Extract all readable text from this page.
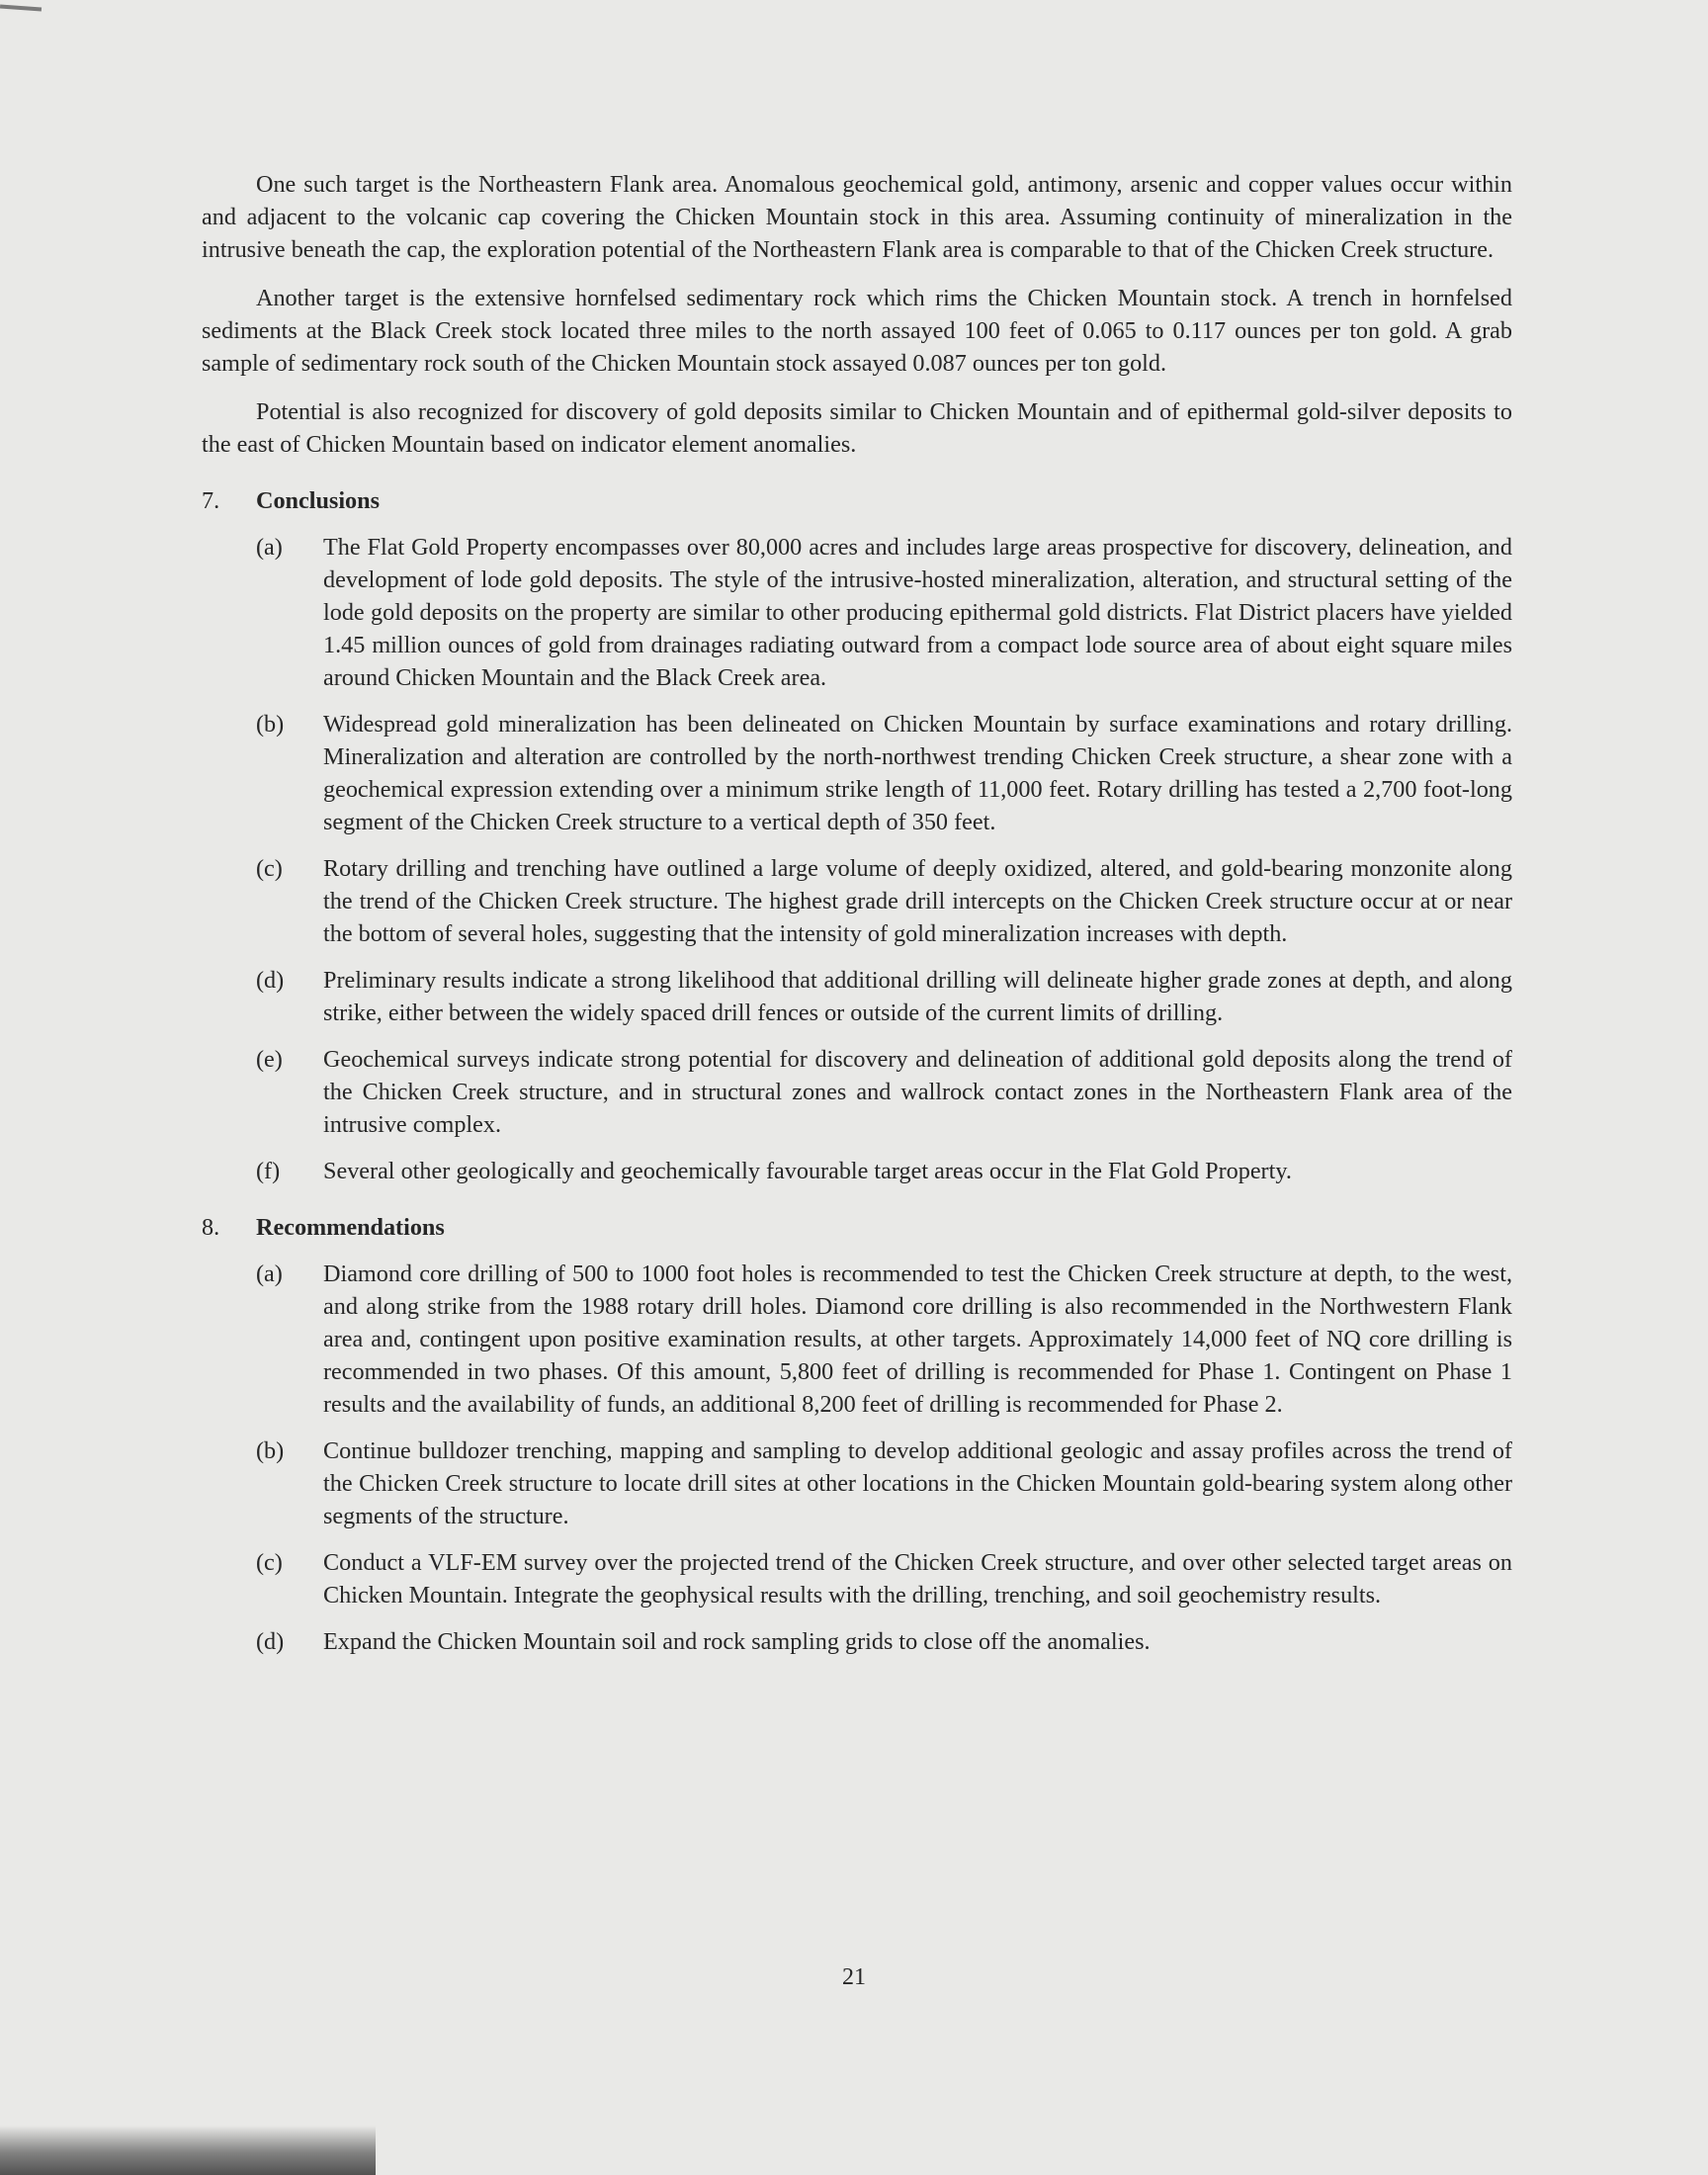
One such target is the Northeastern Flank area. Anomalous geochemical gold, antimony, arsenic and copper values occur within and adjacent to the volcanic cap covering the Chicken Mountain stock in this area. Assuming continuity of mineralization in the intrusive beneath the cap, the exploration potential of the Northeastern Flank area is comparable to that of the Chicken Creek structure.

Another target is the extensive hornfelsed sedimentary rock which rims the Chicken Mountain stock. A trench in hornfelsed sediments at the Black Creek stock located three miles to the north assayed 100 feet of 0.065 to 0.117 ounces per ton gold. A grab sample of sedimentary rock south of the Chicken Mountain stock assayed 0.087 ounces per ton gold.

Potential is also recognized for discovery of gold deposits similar to Chicken Mountain and of epithermal gold-silver deposits to the east of Chicken Mountain based on indicator element anomalies.

7. Conclusions
(a) The Flat Gold Property encompasses over 80,000 acres and includes large areas prospective for discovery, delineation, and development of lode gold deposits. The style of the intrusive-hosted mineralization, alteration, and structural setting of the lode gold deposits on the property are similar to other producing epithermal gold districts. Flat District placers have yielded 1.45 million ounces of gold from drainages radiating outward from a compact lode source area of about eight square miles around Chicken Mountain and the Black Creek area.
(b) Widespread gold mineralization has been delineated on Chicken Mountain by surface examinations and rotary drilling. Mineralization and alteration are controlled by the north-northwest trending Chicken Creek structure, a shear zone with a geochemical expression extending over a minimum strike length of 11,000 feet. Rotary drilling has tested a 2,700 foot-long segment of the Chicken Creek structure to a vertical depth of 350 feet.
(c) Rotary drilling and trenching have outlined a large volume of deeply oxidized, altered, and gold-bearing monzonite along the trend of the Chicken Creek structure. The highest grade drill intercepts on the Chicken Creek structure occur at or near the bottom of several holes, suggesting that the intensity of gold mineralization increases with depth.
(d) Preliminary results indicate a strong likelihood that additional drilling will delineate higher grade zones at depth, and along strike, either between the widely spaced drill fences or outside of the current limits of drilling.
(e) Geochemical surveys indicate strong potential for discovery and delineation of additional gold deposits along the trend of the Chicken Creek structure, and in structural zones and wallrock contact zones in the Northeastern Flank area of the intrusive complex.
(f) Several other geologically and geochemically favourable target areas occur in the Flat Gold Property.
8. Recommendations
(a) Diamond core drilling of 500 to 1000 foot holes is recommended to test the Chicken Creek structure at depth, to the west, and along strike from the 1988 rotary drill holes. Diamond core drilling is also recommended in the Northwestern Flank area and, contingent upon positive examination results, at other targets. Approximately 14,000 feet of NQ core drilling is recommended in two phases. Of this amount, 5,800 feet of drilling is recommended for Phase 1. Contingent on Phase 1 results and the availability of funds, an additional 8,200 feet of drilling is recommended for Phase 2.
(b) Continue bulldozer trenching, mapping and sampling to develop additional geologic and assay profiles across the trend of the Chicken Creek structure to locate drill sites at other locations in the Chicken Mountain gold-bearing system along other segments of the structure.
(c) Conduct a VLF-EM survey over the projected trend of the Chicken Creek structure, and over other selected target areas on Chicken Mountain. Integrate the geophysical results with the drilling, trenching, and soil geochemistry results.
(d) Expand the Chicken Mountain soil and rock sampling grids to close off the anomalies.
21
